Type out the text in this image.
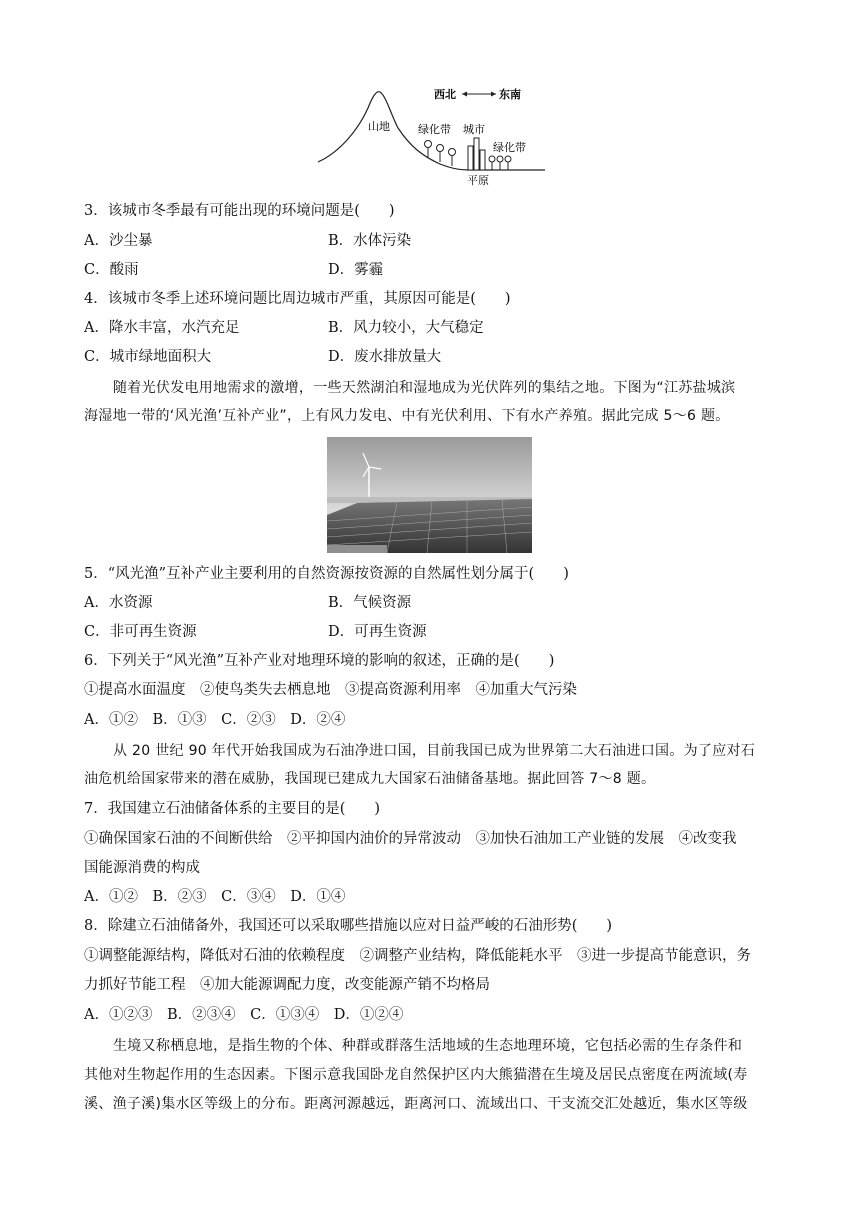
西北	东南
山地	绿化带 城市
绿化带
平原
3．该城市冬季最有可能出现的环境问题是(　　)
A．沙尘暴	B．水体污染
C．酸雨	D．雾霾
4．该城市冬季上述环境问题比周边城市严重，其原因可能是(　　)
A．降水丰富，水汽充足	B．风力较小，大气稳定
C．城市绿地面积大	D．废水排放量大
随着光伏发电用地需求的激增，一些天然湖泊和湿地成为光伏阵列的集结之地。下图为“江苏盐城滨
海湿地一带的‘风光渔’互补产业”，上有风力发电、中有光伏利用、下有水产养殖。据此完成 5～6 题。
5．“风光渔”互补产业主要利用的自然资源按资源的自然属性划分属于(　　)
A．水资源	B．气候资源
C．非可再生资源	D．可再生资源
6．下列关于“风光渔”互补产业对地理环境的影响的叙述，正确的是(　　)
①提高水面温度　②使鸟类失去栖息地　③提高资源利用率　④加重大气污染
A．①②　B．①③　C．②③　D．②④
从 20 世纪 90 年代开始我国成为石油净进口国，目前我国已成为世界第二大石油进口国。为了应对石
油危机给国家带来的潜在威胁，我国现已建成九大国家石油储备基地。据此回答 7～8 题。
7．我国建立石油储备体系的主要目的是(　　)
①确保国家石油的不间断供给　②平抑国内油价的异常波动　③加快石油加工产业链的发展　④改变我
国能源消费的构成
A．①②　B．②③　C．③④　D．①④
8．除建立石油储备外，我国还可以采取哪些措施以应对日益严峻的石油形势(　　)
①调整能源结构，降低对石油的依赖程度　②调整产业结构，降低能耗水平　③进一步提高节能意识，务
力抓好节能工程　④加大能源调配力度，改变能源产销不均格局
A．①②③　B．②③④　C．①③④　D．①②④
生境又称栖息地，是指生物的个体、种群或群落生活地域的生态地理环境，它包括必需的生存条件和
其他对生物起作用的生态因素。下图示意我国卧龙自然保护区内大熊猫潜在生境及居民点密度在两流域(寿
溪、渔子溪)集水区等级上的分布。距离河源越远，距离河口、流域出口、干支流交汇处越近，集水区等级
